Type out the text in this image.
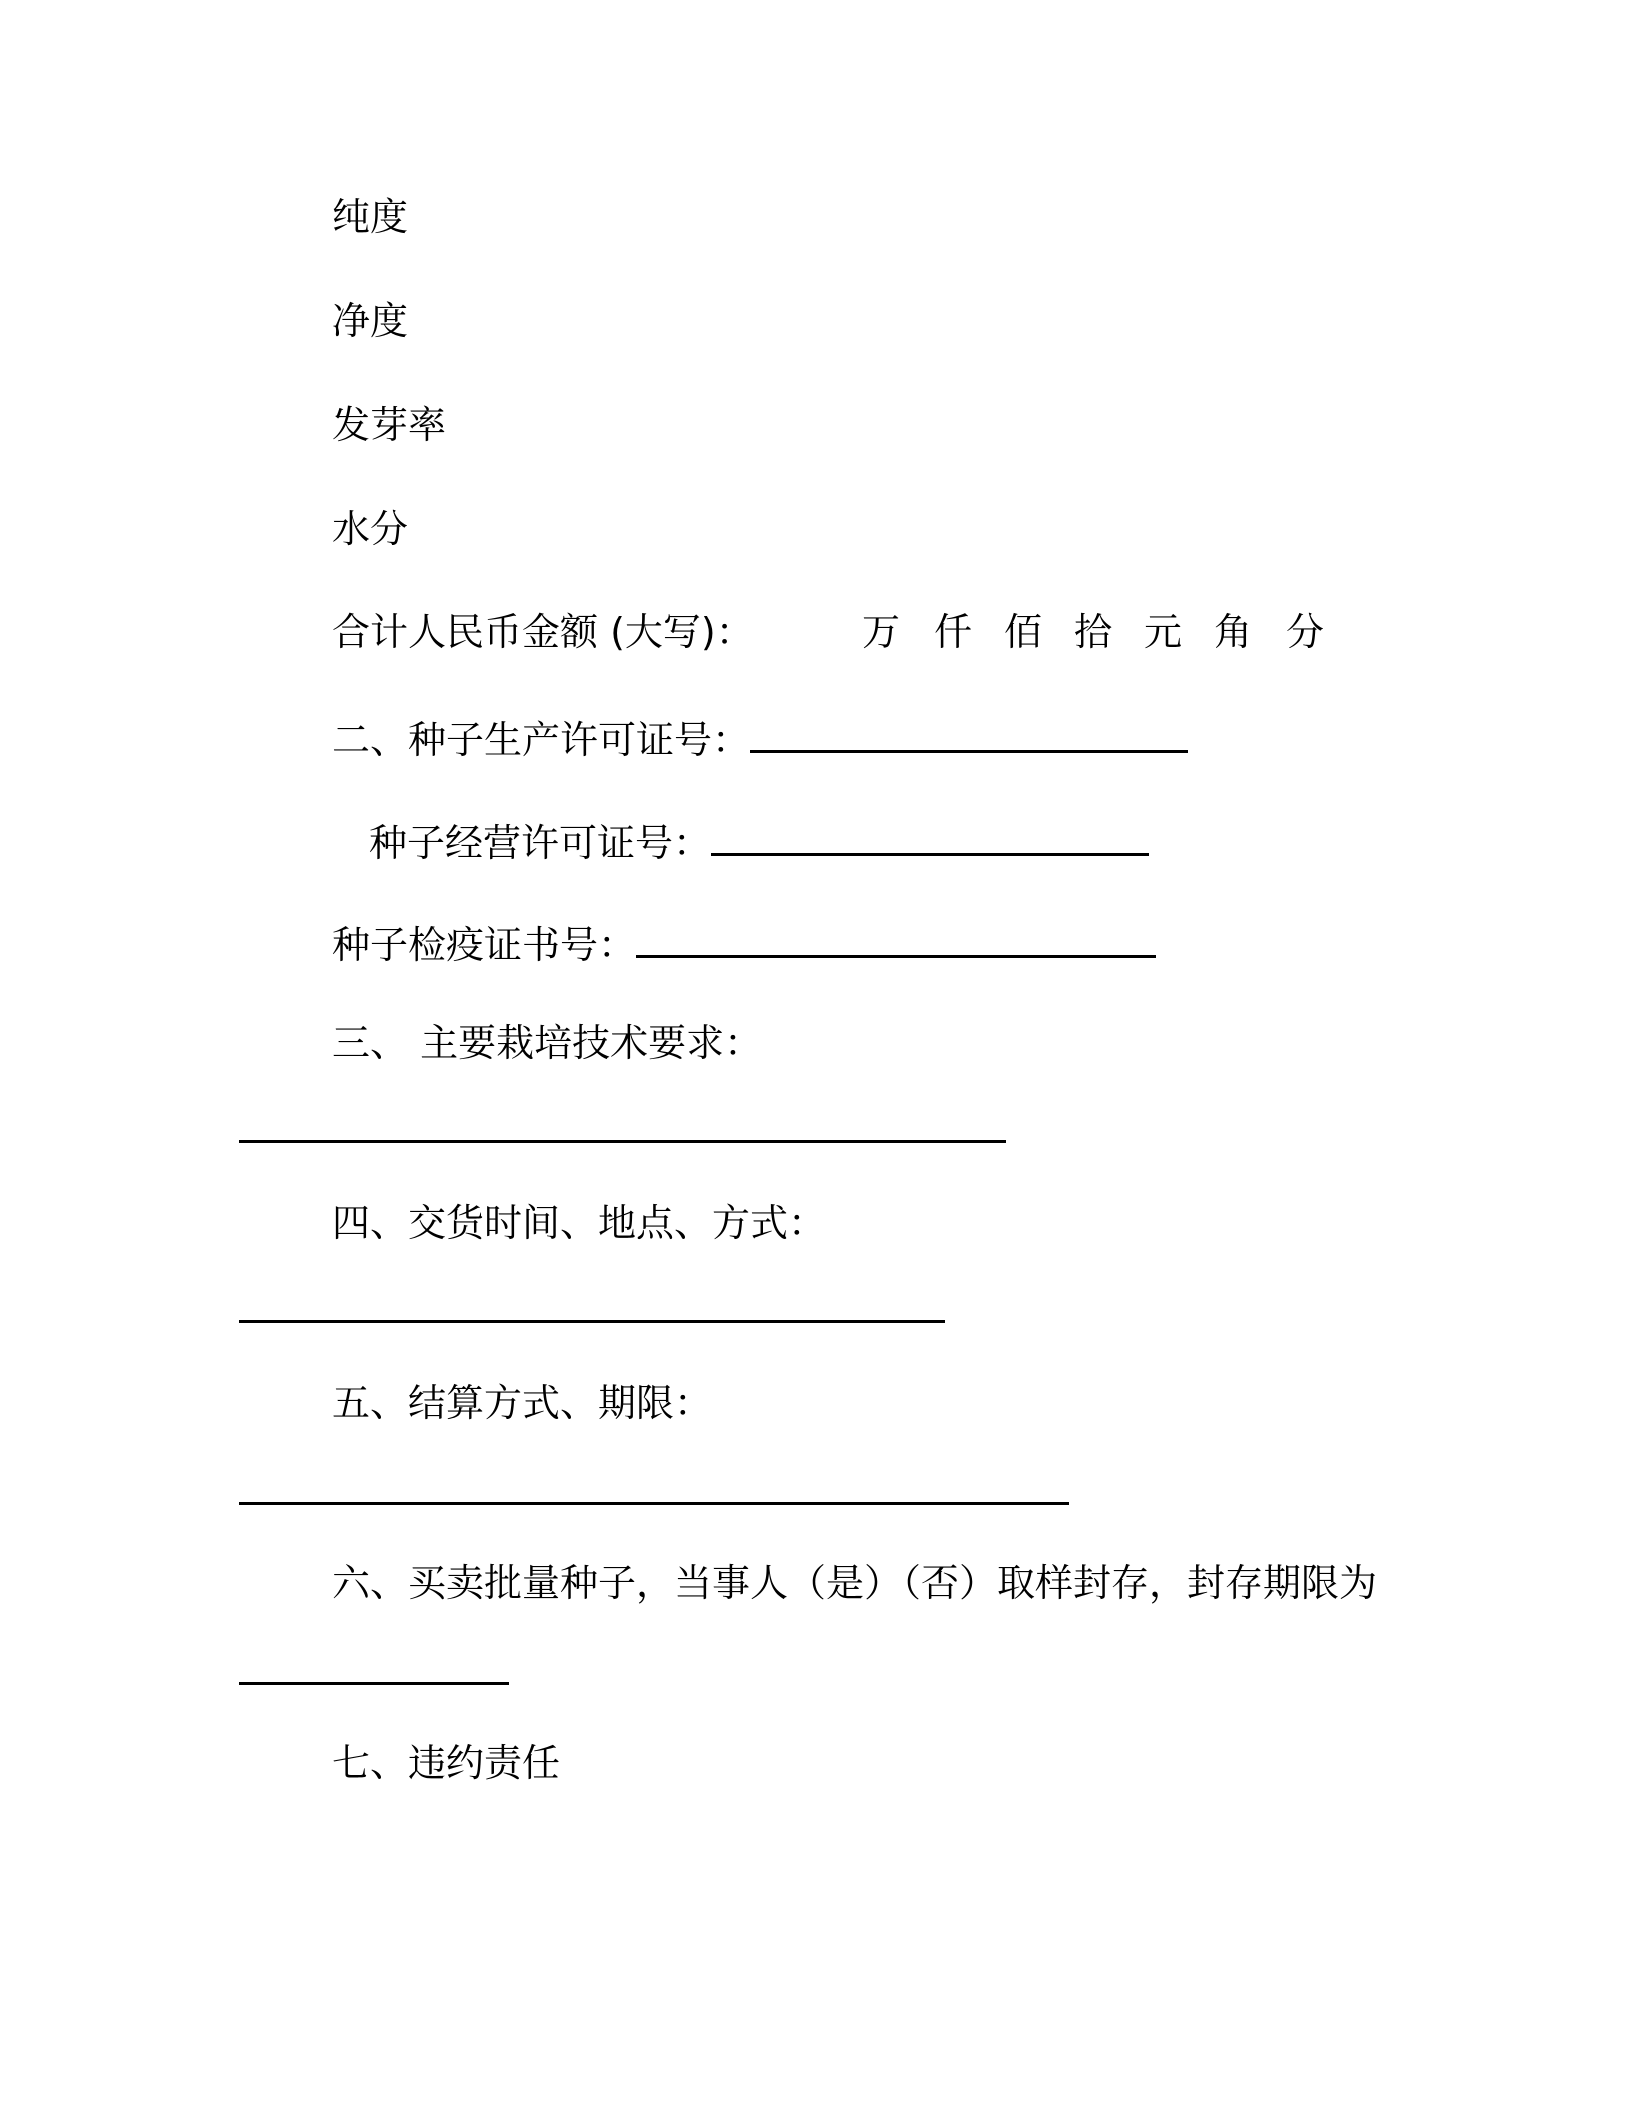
纯度
净度
发芽率
水分
合计人民币金额 (大写)：	万 仟 佰 拾 元 角 分
二、种子生产许可证号：
种子经营许可证号：
种子检疫证书号：
三、 主要栽培技术要求：
四、交货时间、地点、方式：
五、结算方式、期限：
六、买卖批量种子，当事人（是）（否）取样封存，封存期限为
七、违约责任
